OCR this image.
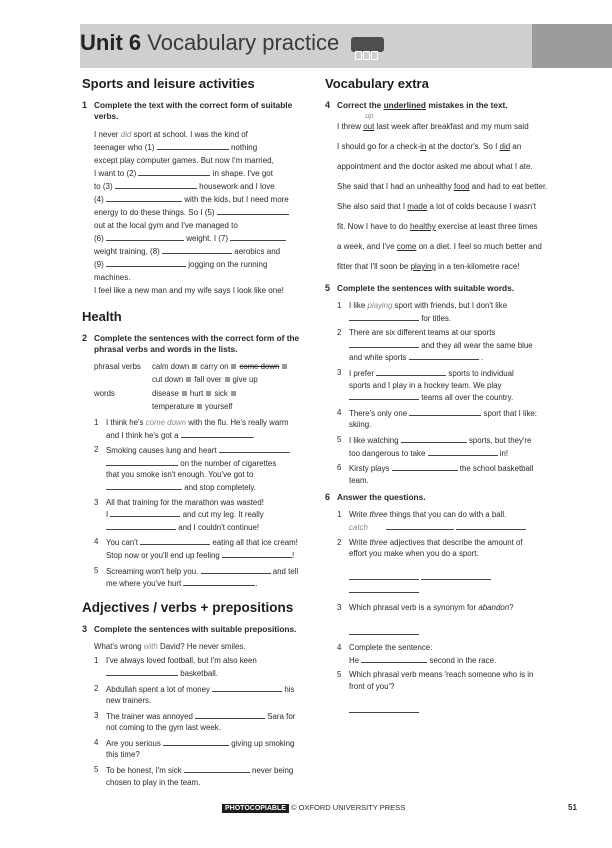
Unit 6 Vocabulary practice
Sports and leisure activities
1 Complete the text with the correct form of suitable verbs.
I never did sport at school. I was the kind of
teenager who (1)	nothing
except play computer games. But now I'm married,
I want to (2)	in shape. I've got
to (3)	housework and I love
(4)	with the kids, but I need more
energy to do these things. So I (5)
out at the local gym and I've managed to
(6)	weight. I (7)
weight training, (8)	aerobics and
(9)	jogging on the running machines.
I feel like a new man and my wife says I look like one!
Health
2 Complete the sentences with the correct form of the phrasal verbs and words in the lists.
phrasal verbs	calm down carry on come down
cut down fall over give up
words	disease hurt sick
temperature yourself
1 I think he's come down with the flu. He's really warm
and I think he's got a	.
2 Smoking causes lung and heart	.
on the number of cigarettes
that you smoke isn't enough. You've got to
and stop completely.
3 All that training for the marathon was wasted!
I	and cut my leg. It really
and I couldn't continue!
4 You can't	eating all that ice cream!
Stop now or you'll end up feeling	!
5 Screaming won't help you.	and tell
me where you've hurt	.
Adjectives / verbs + prepositions
3 Complete the sentences with suitable prepositions.
What's wrong with David? He never smiles.
1 I've always loved football, but I'm also keen
basketball.
2 Abdullah spent a lot of money	his
new trainers.
3 The trainer was annoyed	Sara for
not coming to the gym last week.
4 Are you serious	giving up smoking
this time?
5 To be honest, I'm sick	never being
chosen to play in the team.
Vocabulary extra
4 Correct the underlined mistakes in the text.
I threw
up
out last week after breakfast and my mum said
I should go for a check-in at the doctor's. So I did an
appointment and the doctor asked me about what I ate.
She said that I had an unhealthy food and had to eat better.
She also said that I made a lot of colds because I wasn't
fit. Now I have to do healthy exercise at least three times
a week, and I've come on a diet. I feel so much better and
fitter that I'll soon be playing in a ten-kilometre race!
5 Complete the sentences with suitable words.
1 I like playing sport with friends, but I don't like
for titles.
2 There are six different teams at our sports
and they all wear the same blue
and white sports	.
3 I prefer	sports to individual
sports and I play in a hockey team. We play
teams all over the country.
4 There's only one	sport that I like:
skiing.
5 I like watching	sports, but they're
too dangerous to take	in!
6 Kirsty plays	the school basketball
team.
6 Answer the questions.
1 Write three things that you can do with a ball.
catch
2 Write three adjectives that describe the amount of
effort you make when you do a sport.

3 Which phrasal verb is a synonym for abandon?

4 Complete the sentence:
He	second in the race.
5 Which phrasal verb means 'reach someone who is in
front of you'?

PHOTOCOPIABLE © OXFORD UNIVERSITY PRESS	51
